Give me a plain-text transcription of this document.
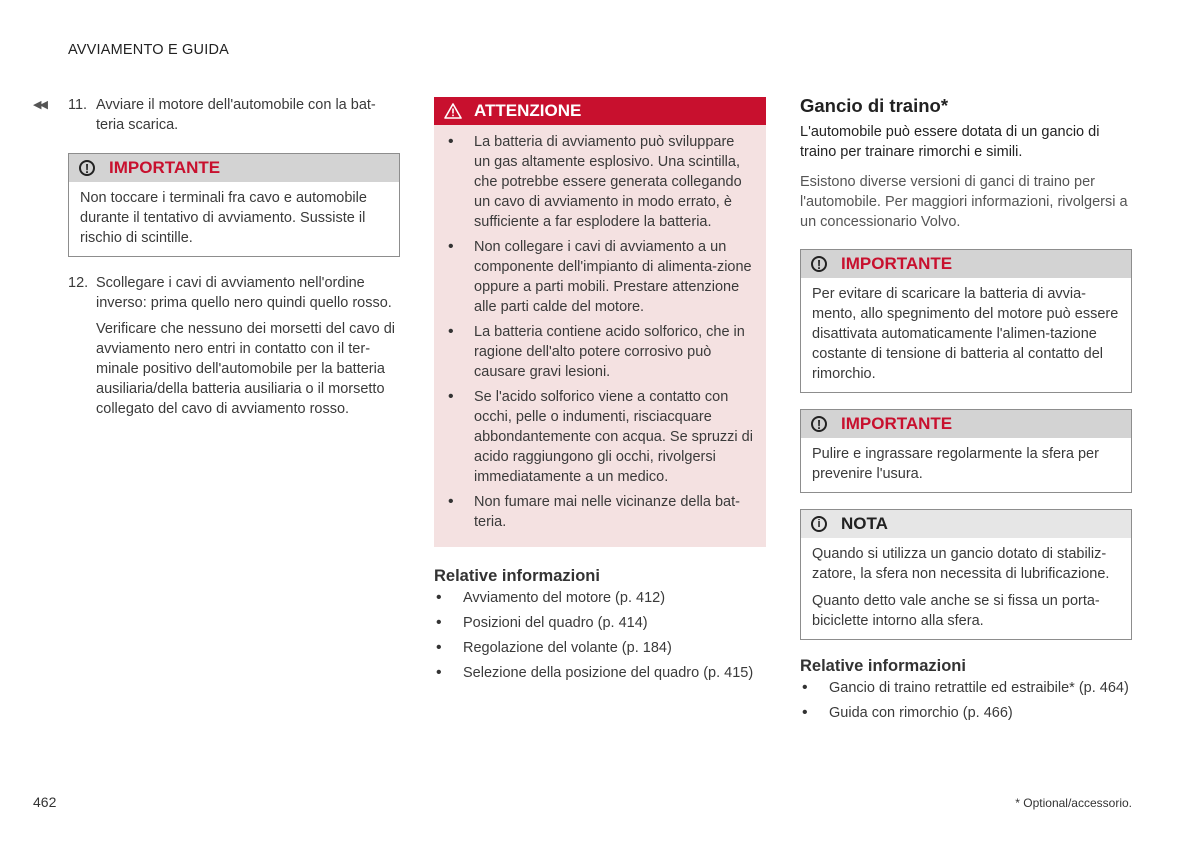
AVVIAMENTO E GUIDA
◀◀ 11. Avviare il motore dell'automobile con la bat-teria scarica.

!	IMPORTANTE

Non toccare i terminali fra cavo e automobile durante il tentativo di avviamento. Sussiste il rischio di scintille.

12. Scollegare i cavi di avviamento nell'ordine inverso: prima quello nero quindi quello rosso.

Verificare che nessuno dei morsetti del cavo di avviamento nero entri in contatto con il ter-minale positivo dell'automobile per la batteria ausiliaria/della batteria ausiliaria o il morsetto collegato del cavo di avviamento rosso.

ATTENZIONE
• La batteria di avviamento può sviluppare un gas altamente esplosivo. Una scintilla, che potrebbe essere generata collegando un cavo di avviamento in modo errato, è sufficiente a far esplodere la batteria.
• Non collegare i cavi di avviamento a un componente dell'impianto di alimenta-zione oppure a parti mobili. Prestare attenzione alle parti calde del motore.
• La batteria contiene acido solforico, che in ragione dell'alto potere corrosivo può causare gravi lesioni.
• Se l'acido solforico viene a contatto con occhi, pelle o indumenti, risciacquare abbondantemente con acqua. Se spruzzi di acido raggiungono gli occhi, rivolgersi immediatamente a un medico.
• Non fumare mai nelle vicinanze della bat-teria.

Relative informazioni

• Avviamento del motore (p. 412)
• Posizioni del quadro (p. 414)
• Regolazione del volante (p. 184)
• Selezione della posizione del quadro (p. 415)
Gancio di traino*

L'automobile può essere dotata di un gancio di traino per trainare rimorchi e simili.

Esistono diverse versioni di ganci di traino per l'automobile. Per maggiori informazioni, rivolgersi a un concessionario Volvo.

!	IMPORTANTE

Per evitare di scaricare la batteria di avvia-mento, allo spegnimento del motore può essere disattivata automaticamente l'alimen-tazione costante di tensione di batteria al contatto del rimorchio.

!	IMPORTANTE

Pulire e ingrassare regolarmente la sfera per prevenire l'usura.

i	NOTA

Quando si utilizza un gancio dotato di stabiliz-zatore, la sfera non necessita di lubrificazione.

Quanto detto vale anche se si fissa un porta-biciclette intorno alla sfera.

Relative informazioni

• Gancio di traino retrattile ed estraibile* (p. 464)
• Guida con rimorchio (p. 466)
462	* Optional/accessorio.
